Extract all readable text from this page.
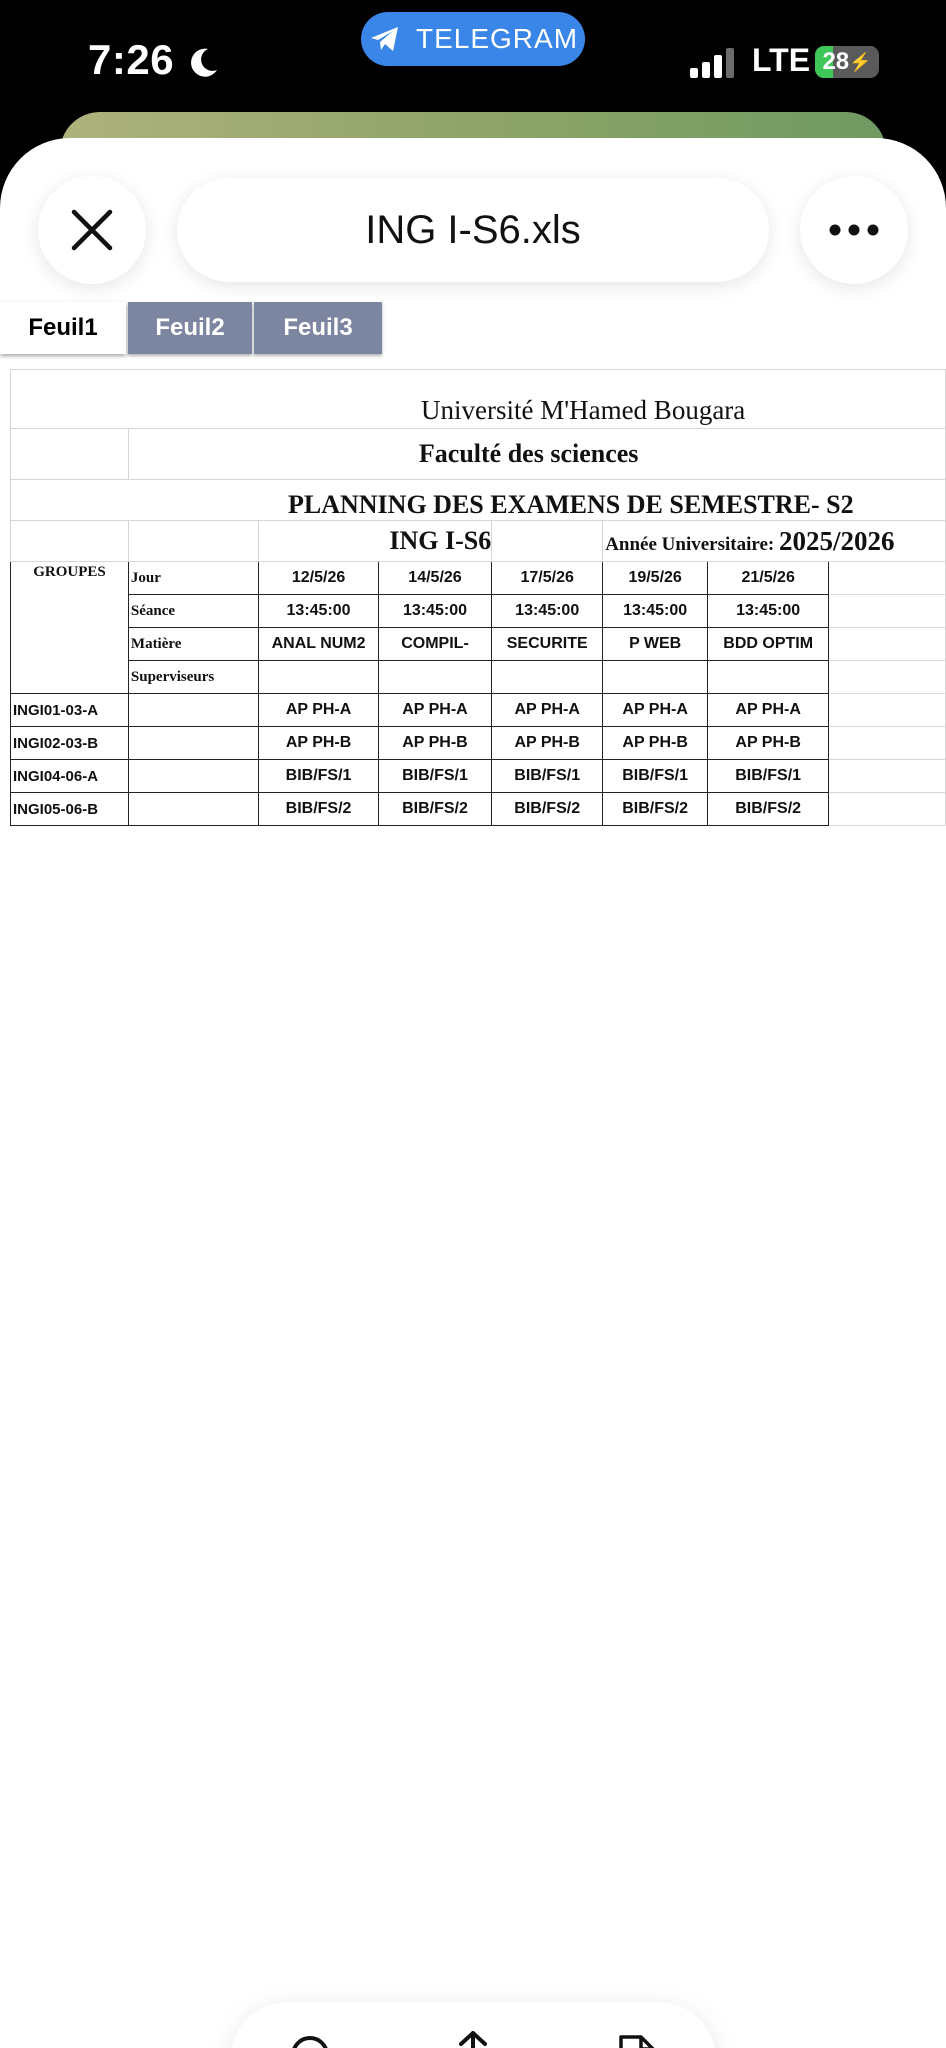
7:26	TELEGRAM
LTE 28 ⚡
ING I-S6.xls
Feuil1	Feuil2	Feuil3
Université M'Hamed Bougara							
	Faculté des sciences						
PLANNING DES EXAMENS DE SEMESTRE- S2							
		ING I-S6			Année Universitaire: 2025/2026		
GROUPES	Jour	12/5/26	14/5/26	17/5/26	19/5/26	21/5/26	
	Séance	13:45:00	13:45:00	13:45:00	13:45:00	13:45:00	
	Matière	ANAL NUM2	COMPIL-	SECURITE	P WEB	BDD OPTIM	
	Superviseurs						
INGI01-03-A		AP PH-A	AP PH-A	AP PH-A	AP PH-A	AP PH-A	
INGI02-03-B		AP PH-B	AP PH-B	AP PH-B	AP PH-B	AP PH-B	
INGI04-06-A		BIB/FS/1	BIB/FS/1	BIB/FS/1	BIB/FS/1	BIB/FS/1	
INGI05-06-B		BIB/FS/2	BIB/FS/2	BIB/FS/2	BIB/FS/2	BIB/FS/2	
